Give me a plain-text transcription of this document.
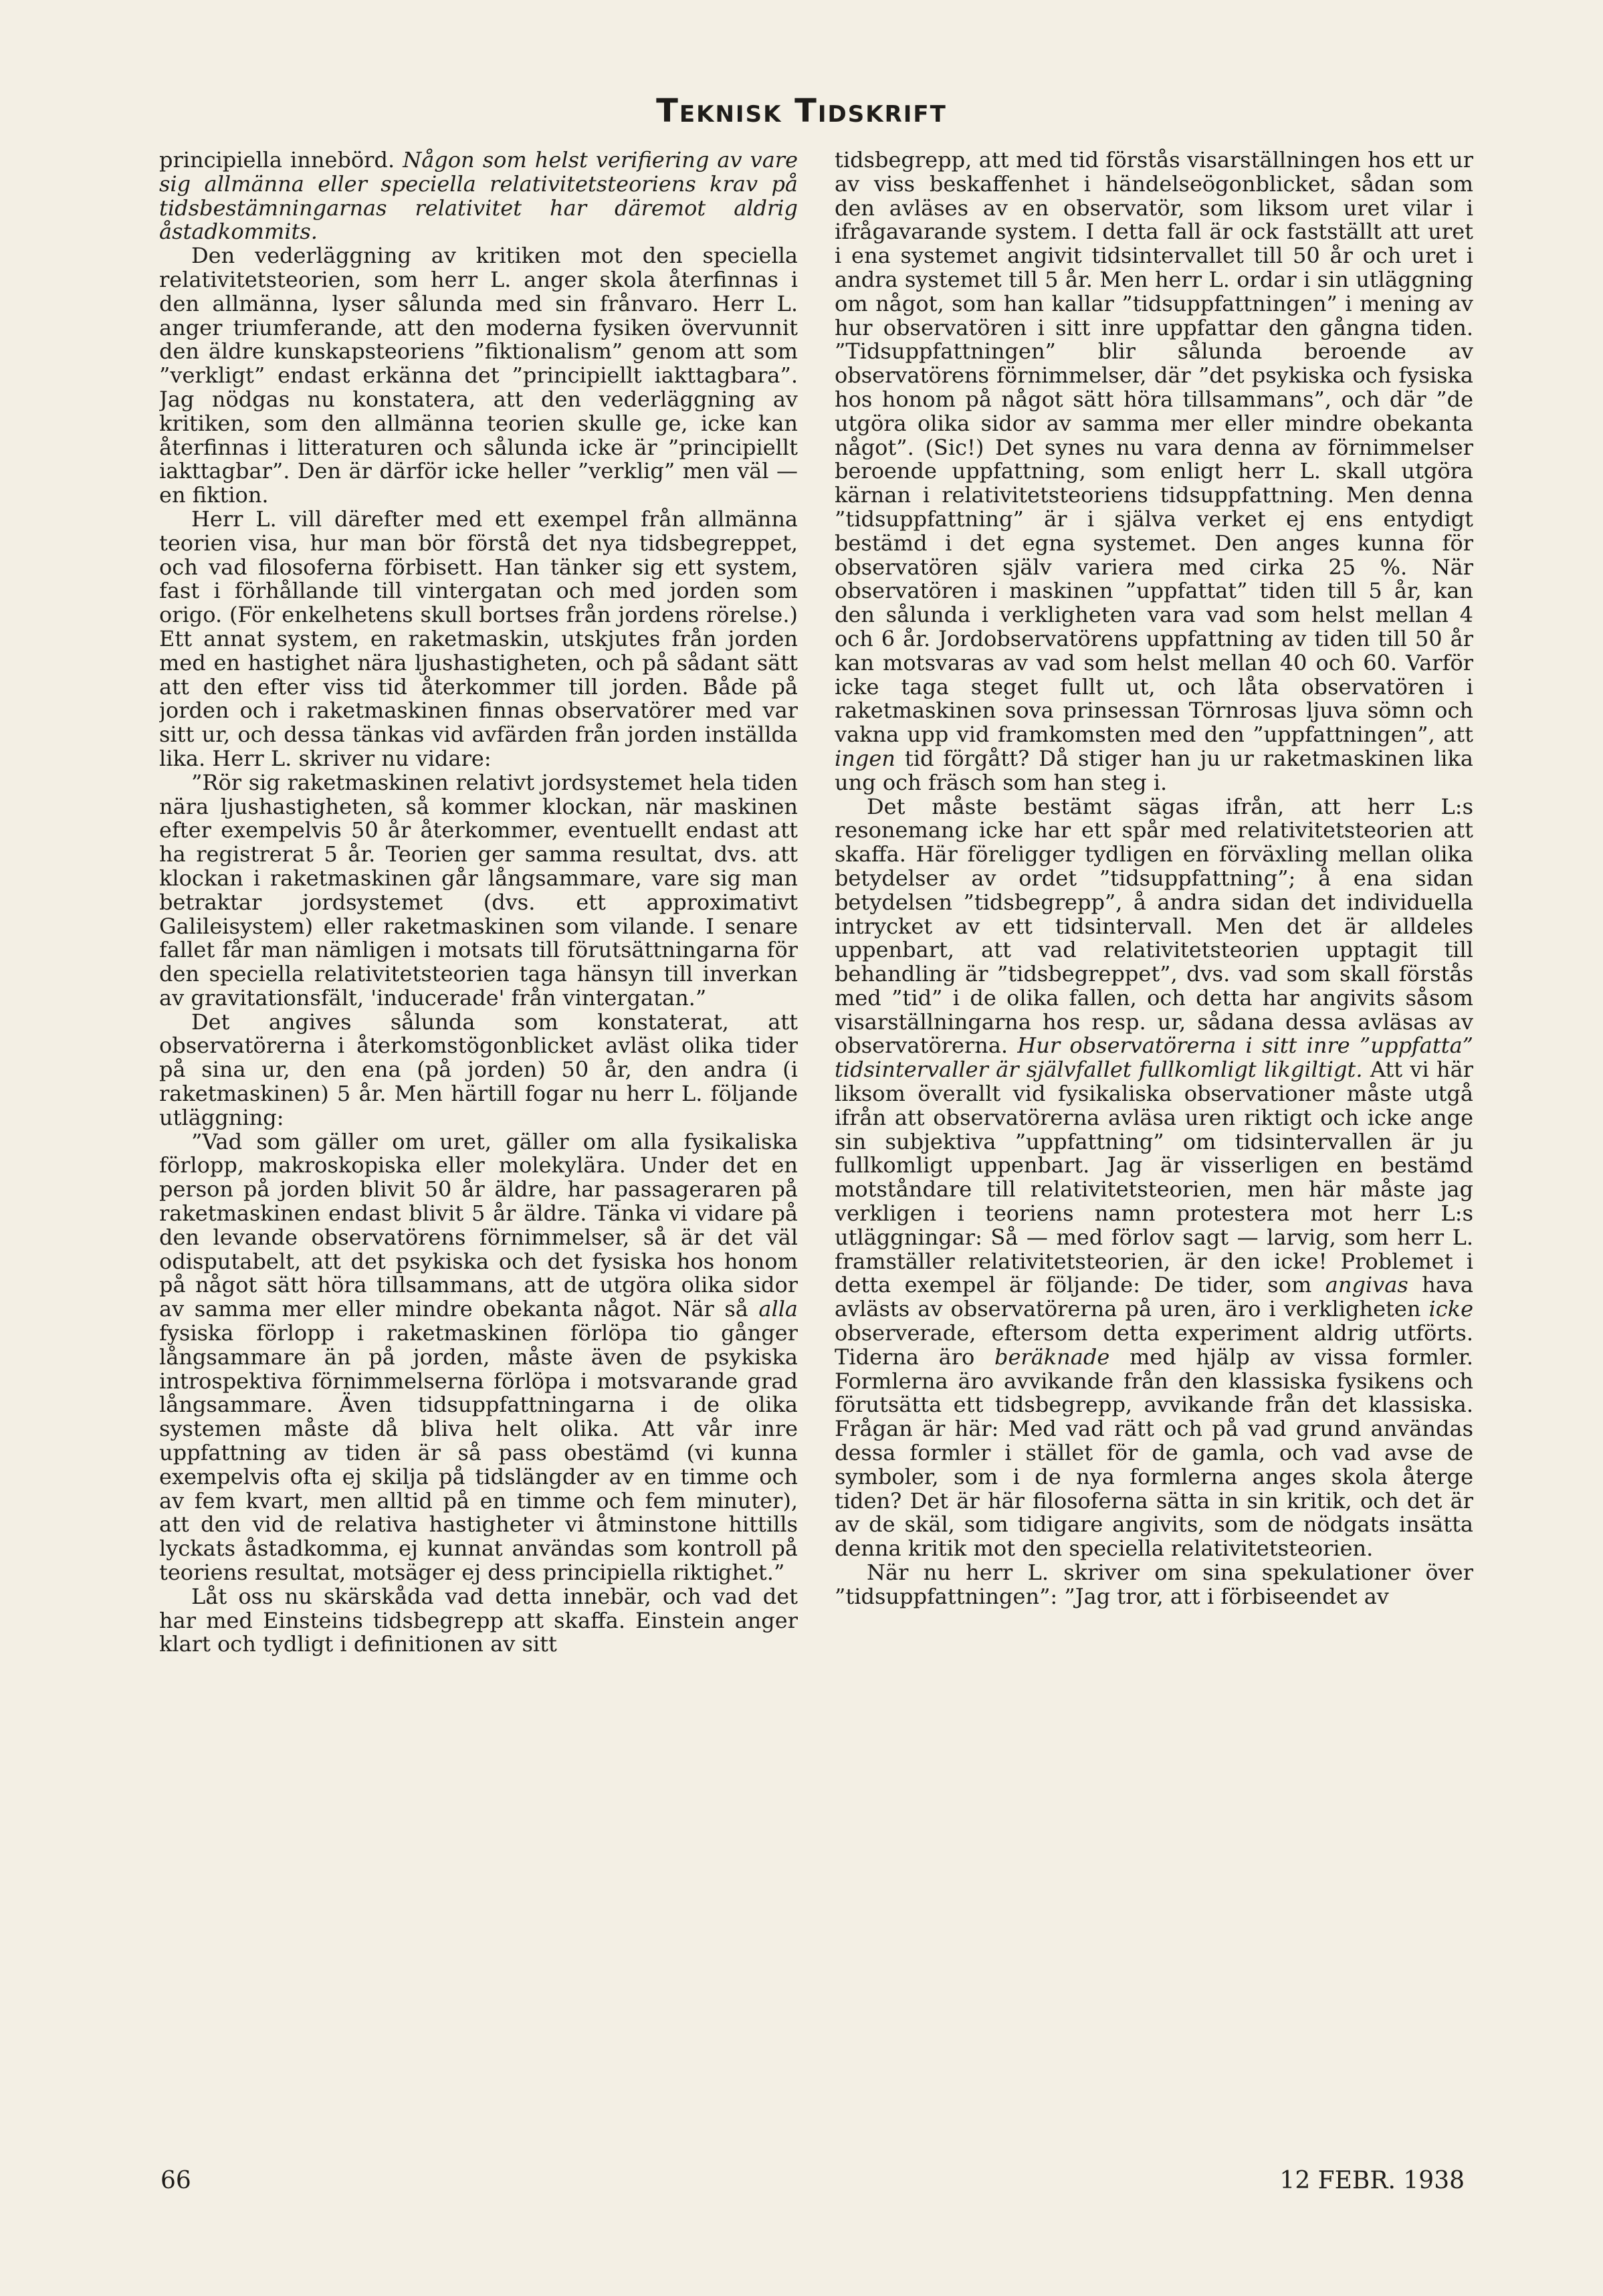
Teknisk Tidskrift

principiella innebörd. Någon som helst verifiering av vare sig allmänna eller speciella relativitetsteoriens krav på tidsbestämningarnas relativitet har däremot aldrig åstadkommits.

Den vederläggning av kritiken mot den speciella relativitetsteorien, som herr L. anger skola återfinnas i den allmänna, lyser sålunda med sin frånvaro. Herr L. anger triumferande, att den moderna fysiken övervunnit den äldre kunskapsteoriens ”fiktionalism” genom att som ”verkligt” endast erkänna det ”principiellt iakttagbara”. Jag nödgas nu konstatera, att den vederläggning av kritiken, som den allmänna teorien skulle ge, icke kan återfinnas i litteraturen och sålunda icke är ”principiellt iakttagbar”. Den är därför icke heller ”verklig” men väl — en fiktion.

Herr L. vill därefter med ett exempel från allmänna teorien visa, hur man bör förstå det nya tidsbegreppet, och vad filosoferna förbisett. Han tänker sig ett system, fast i förhållande till vintergatan och med jorden som origo. (För enkelhetens skull bortses från jordens rörelse.) Ett annat system, en raketmaskin, utskjutes från jorden med en hastighet nära ljushastigheten, och på sådant sätt att den efter viss tid återkommer till jorden. Både på jorden och i raketmaskinen finnas observatörer med var sitt ur, och dessa tänkas vid avfärden från jorden inställda lika. Herr L. skriver nu vidare:

”Rör sig raketmaskinen relativt jordsystemet hela tiden nära ljushastigheten, så kommer klockan, när maskinen efter exempelvis 50 år återkommer, eventuellt endast att ha registrerat 5 år. Teorien ger samma resultat, dvs. att klockan i raketmaskinen går långsammare, vare sig man betraktar jordsystemet (dvs. ett approximativt Galileisystem) eller raketmaskinen som vilande. I senare fallet får man nämligen i motsats till förutsättningarna för den speciella relativitetsteorien taga hänsyn till inverkan av gravitationsfält, 'inducerade' från vintergatan.”

Det angives sålunda som konstaterat, att observatörerna i återkomstögonblicket avläst olika tider på sina ur, den ena (på jorden) 50 år, den andra (i raketmaskinen) 5 år. Men härtill fogar nu herr L. följande utläggning:

”Vad som gäller om uret, gäller om alla fysikaliska förlopp, makroskopiska eller molekylära. Under det en person på jorden blivit 50 år äldre, har passageraren på raketmaskinen endast blivit 5 år äldre. Tänka vi vidare på den levande observatörens förnimmelser, så är det väl odisputabelt, att det psykiska och det fysiska hos honom på något sätt höra tillsammans, att de utgöra olika sidor av samma mer eller mindre obekanta något. När så alla fysiska förlopp i raketmaskinen förlöpa tio gånger långsammare än på jorden, måste även de psykiska introspektiva förnimmelserna förlöpa i motsvarande grad långsammare. Även tidsuppfattningarna i de olika systemen måste då bliva helt olika. Att vår inre uppfattning av tiden är så pass obestämd (vi kunna exempelvis ofta ej skilja på tidslängder av en timme och av fem kvart, men alltid på en timme och fem minuter), att den vid de relativa hastigheter vi åtminstone hittills lyckats åstadkomma, ej kunnat användas som kontroll på teoriens resultat, motsäger ej dess principiella riktighet.”

Låt oss nu skärskåda vad detta innebär, och vad det har med Einsteins tidsbegrepp att skaffa. Einstein anger klart och tydligt i definitionen av sitt

tidsbegrepp, att med tid förstås visarställningen hos ett ur av viss beskaffenhet i händelseögonblicket, sådan som den avläses av en observatör, som liksom uret vilar i ifrågavarande system. I detta fall är ock fastställt att uret i ena systemet angivit tidsintervallet till 50 år och uret i andra systemet till 5 år. Men herr L. ordar i sin utläggning om något, som han kallar ”tidsuppfattningen” i mening av hur observatören i sitt inre uppfattar den gångna tiden. ”Tidsuppfattningen” blir sålunda beroende av observatörens förnimmelser, där ”det psykiska och fysiska hos honom på något sätt höra tillsammans”, och där ”de utgöra olika sidor av samma mer eller mindre obekanta något”. (Sic!) Det synes nu vara denna av förnimmelser beroende uppfattning, som enligt herr L. skall utgöra kärnan i relativitetsteoriens tidsuppfattning. Men denna ”tidsuppfattning” är i själva verket ej ens entydigt bestämd i det egna systemet. Den anges kunna för observatören själv variera med cirka 25 %. När observatören i maskinen ”uppfattat” tiden till 5 år, kan den sålunda i verkligheten vara vad som helst mellan 4 och 6 år. Jordobservatörens uppfattning av tiden till 50 år kan motsvaras av vad som helst mellan 40 och 60. Varför icke taga steget fullt ut, och låta observatören i raketmaskinen sova prinsessan Törnrosas ljuva sömn och vakna upp vid framkomsten med den ”uppfattningen”, att ingen tid förgått? Då stiger han ju ur raketmaskinen lika ung och fräsch som han steg i.

Det måste bestämt sägas ifrån, att herr L:s resonemang icke har ett spår med relativitetsteorien att skaffa. Här föreligger tydligen en förväxling mellan olika betydelser av ordet ”tidsuppfattning”; å ena sidan betydelsen ”tidsbegrepp”, å andra sidan det individuella intrycket av ett tidsintervall. Men det är alldeles uppenbart, att vad relativitetsteorien upptagit till behandling är ”tidsbegreppet”, dvs. vad som skall förstås med ”tid” i de olika fallen, och detta har angivits såsom visarställningarna hos resp. ur, sådana dessa avläsas av observatörerna. Hur observatörerna i sitt inre ”uppfatta” tidsintervaller är självfallet fullkomligt likgiltigt. Att vi här liksom överallt vid fysikaliska observationer måste utgå ifrån att observatörerna avläsa uren riktigt och icke ange sin subjektiva ”uppfattning” om tidsintervallen är ju fullkomligt uppenbart. Jag är visserligen en bestämd motståndare till relativitetsteorien, men här måste jag verkligen i teoriens namn protestera mot herr L:s utläggningar: Så — med förlov sagt — larvig, som herr L. framställer relativitetsteorien, är den icke! Problemet i detta exempel är följande: De tider, som angivas hava avlästs av observatörerna på uren, äro i verkligheten icke observerade, eftersom detta experiment aldrig utförts. Tiderna äro beräknade med hjälp av vissa formler. Formlerna äro avvikande från den klassiska fysikens och förutsätta ett tidsbegrepp, avvikande från det klassiska. Frågan är här: Med vad rätt och på vad grund användas dessa formler i stället för de gamla, och vad avse de symboler, som i de nya formlerna anges skola återge tiden? Det är här filosoferna sätta in sin kritik, och det är av de skäl, som tidigare angivits, som de nödgats insätta denna kritik mot den speciella relativitetsteorien.

När nu herr L. skriver om sina spekulationer över ”tidsuppfattningen”: ”Jag tror, att i förbiseendet av

66	12 FEBR. 1938
